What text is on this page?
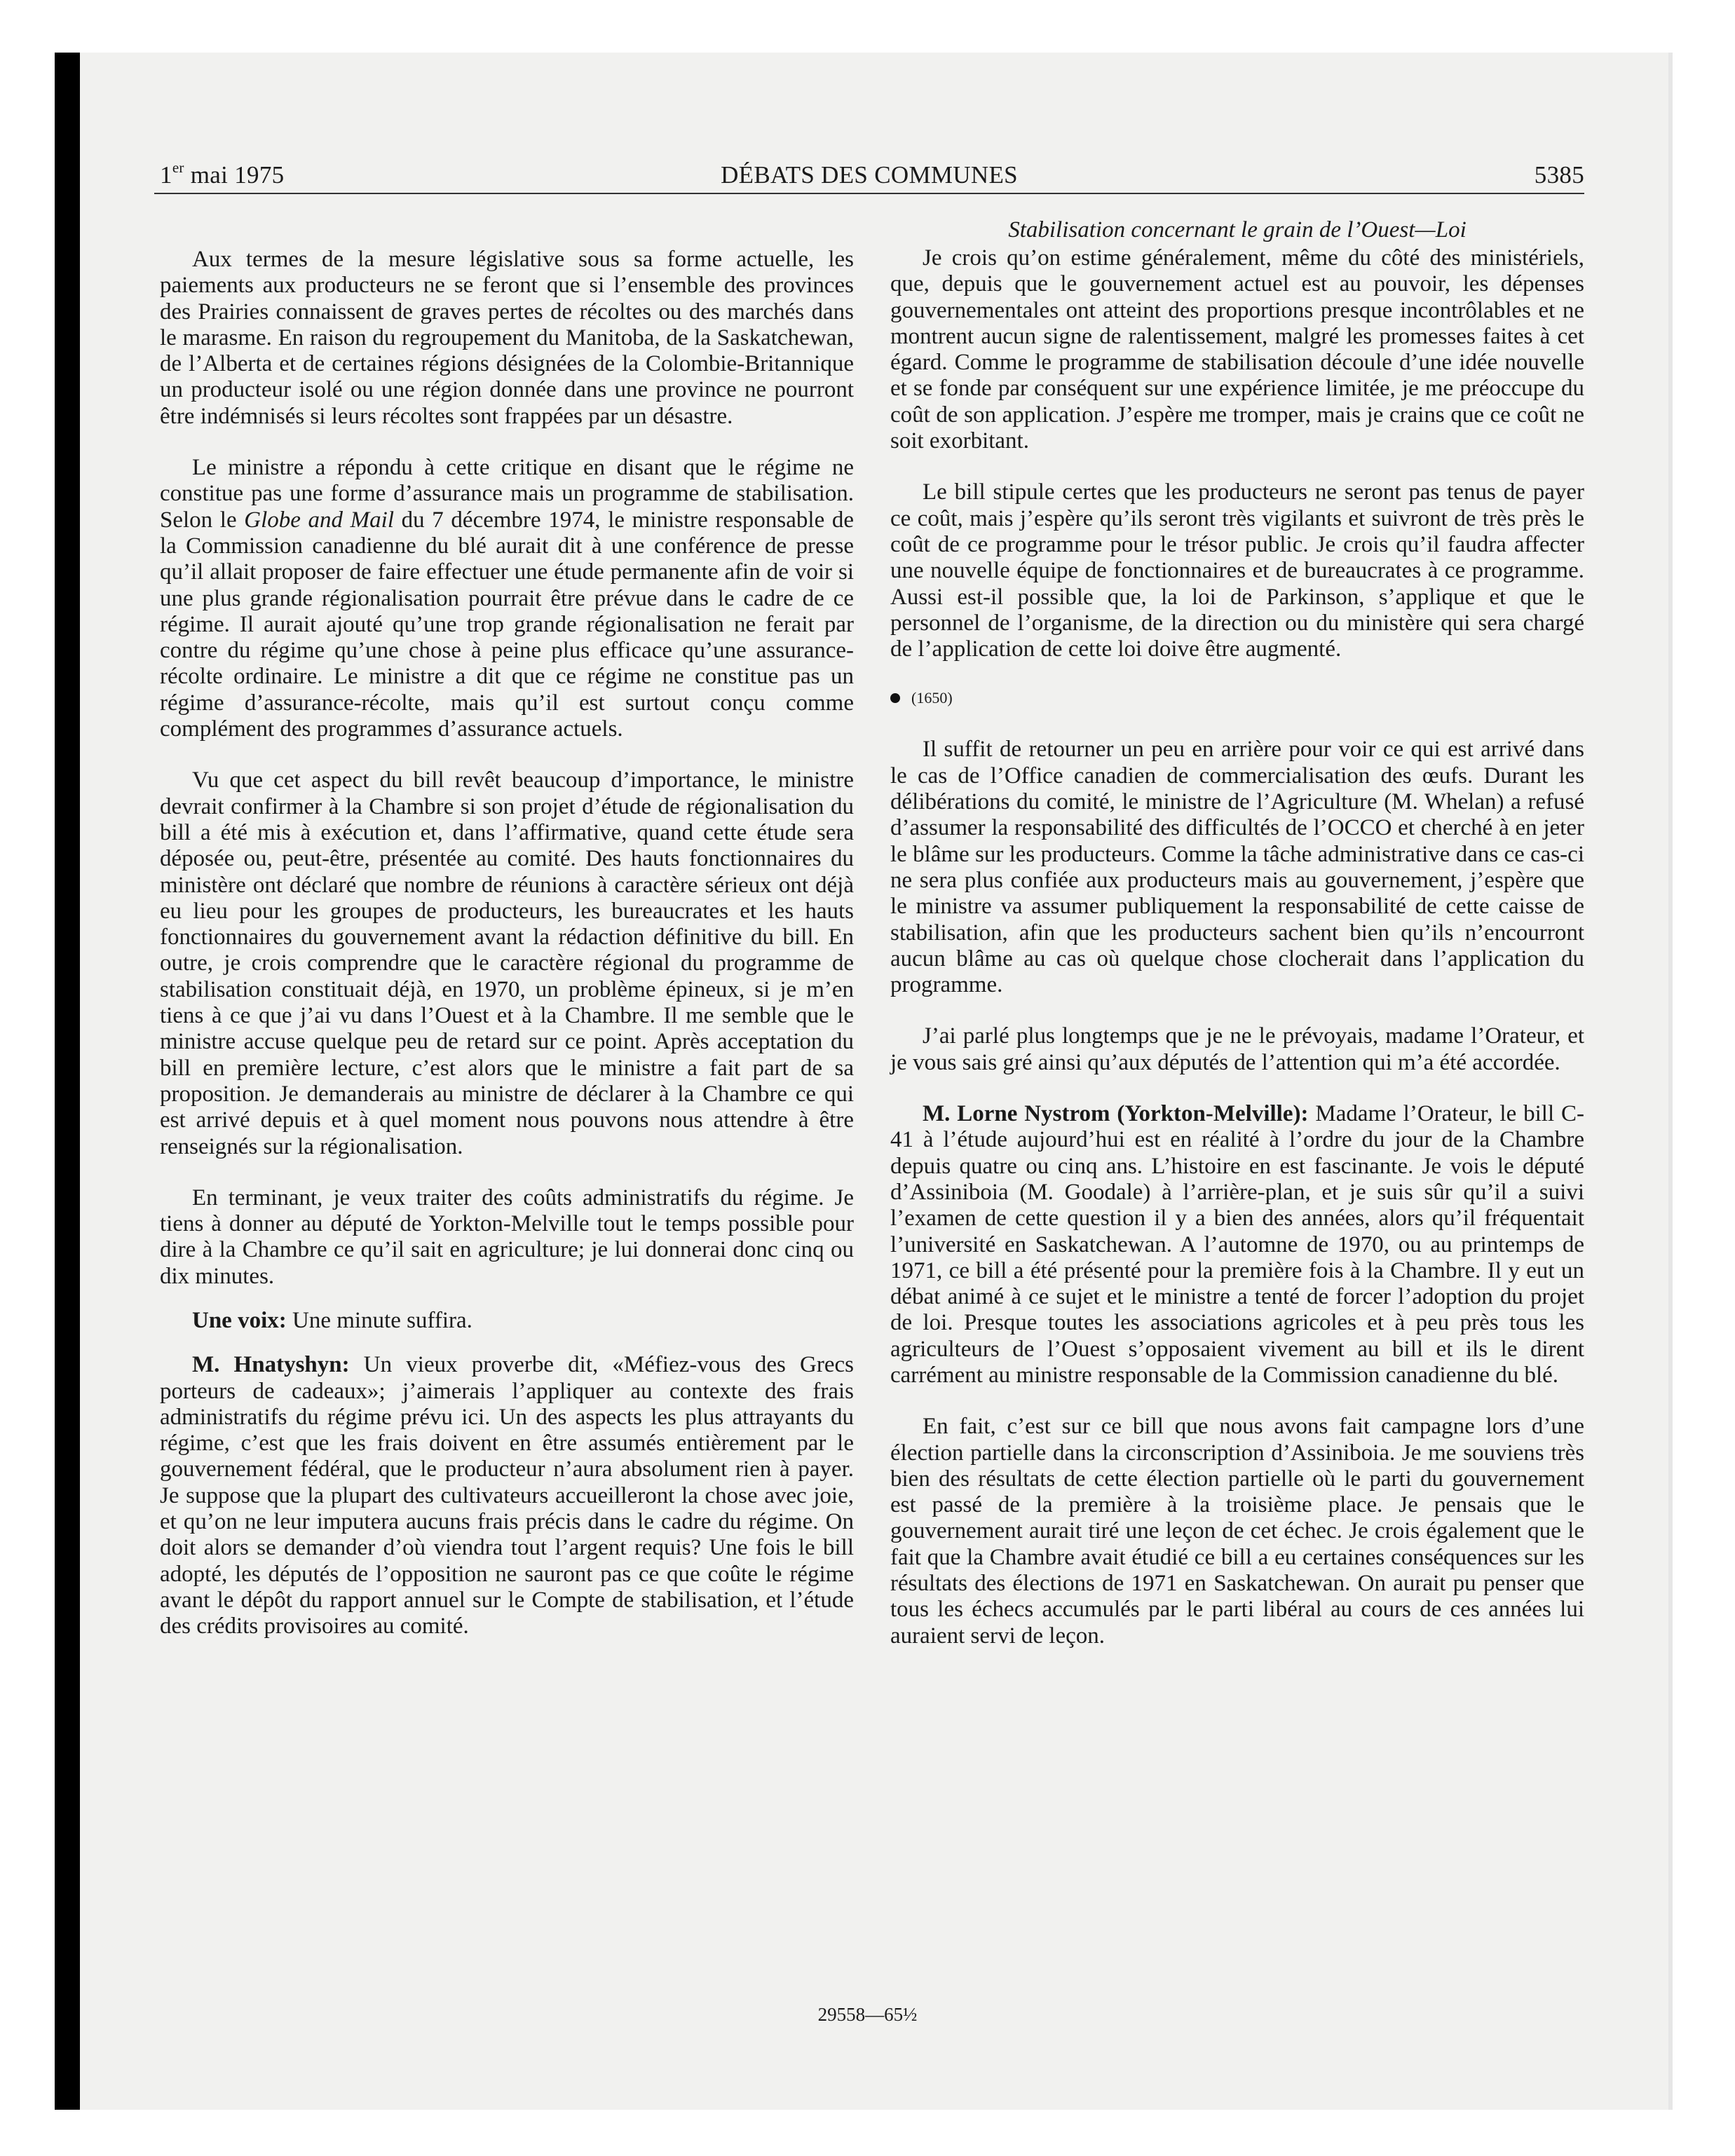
1er mai 1975	DÉBATS DES COMMUNES	5385
Stabilisation concernant le grain de l’Ouest—Loi

Aux termes de la mesure législative sous sa forme actuelle, les paiements aux producteurs ne se feront que si l’ensemble des provinces des Prairies connaissent de graves pertes de récoltes ou des marchés dans le marasme. En raison du regroupement du Manitoba, de la Saskatchewan, de l’Alberta et de certaines régions désignées de la Colombie-Britannique un producteur isolé ou une région donnée dans une province ne pourront être indémnisés si leurs récoltes sont frappées par un désastre.

Le ministre a répondu à cette critique en disant que le régime ne constitue pas une forme d’assurance mais un programme de stabilisation. Selon le Globe and Mail du 7 décembre 1974, le ministre responsable de la Commission canadienne du blé aurait dit à une conférence de presse qu’il allait proposer de faire effectuer une étude permanente afin de voir si une plus grande régionalisation pourrait être prévue dans le cadre de ce régime. Il aurait ajouté qu’une trop grande régionalisation ne ferait par contre du régime qu’une chose à peine plus efficace qu’une assurance-récolte ordinaire. Le ministre a dit que ce régime ne constitue pas un régime d’assurance-récolte, mais qu’il est surtout conçu comme complément des programmes d’assurance actuels.

Vu que cet aspect du bill revêt beaucoup d’importance, le ministre devrait confirmer à la Chambre si son projet d’étude de régionalisation du bill a été mis à exécution et, dans l’affirmative, quand cette étude sera déposée ou, peut-être, présentée au comité. Des hauts fonctionnaires du ministère ont déclaré que nombre de réunions à caractère sérieux ont déjà eu lieu pour les groupes de producteurs, les bureaucrates et les hauts fonctionnaires du gouvernement avant la rédaction définitive du bill. En outre, je crois comprendre que le caractère régional du programme de stabilisation constituait déjà, en 1970, un problème épineux, si je m’en tiens à ce que j’ai vu dans l’Ouest et à la Chambre. Il me semble que le ministre accuse quelque peu de retard sur ce point. Après acceptation du bill en première lecture, c’est alors que le ministre a fait part de sa proposition. Je demanderais au ministre de déclarer à la Chambre ce qui est arrivé depuis et à quel moment nous pouvons nous attendre à être renseignés sur la régionalisation.

En terminant, je veux traiter des coûts administratifs du régime. Je tiens à donner au député de Yorkton-Melville tout le temps possible pour dire à la Chambre ce qu’il sait en agriculture; je lui donnerai donc cinq ou dix minutes.

Une voix: Une minute suffira.

M. Hnatyshyn: Un vieux proverbe dit, «Méfiez-vous des Grecs porteurs de cadeaux»; j’aimerais l’appliquer au contexte des frais administratifs du régime prévu ici. Un des aspects les plus attrayants du régime, c’est que les frais doivent en être assumés entièrement par le gouvernement fédéral, que le producteur n’aura absolument rien à payer. Je suppose que la plupart des cultivateurs accueilleront la chose avec joie, et qu’on ne leur imputera aucuns frais précis dans le cadre du régime. On doit alors se demander d’où viendra tout l’argent requis? Une fois le bill adopté, les députés de l’opposition ne sauront pas ce que coûte le régime avant le dépôt du rapport annuel sur le Compte de stabilisation, et l’étude des crédits provisoires au comité.

Je crois qu’on estime généralement, même du côté des ministériels, que, depuis que le gouvernement actuel est au pouvoir, les dépenses gouvernementales ont atteint des proportions presque incontrôlables et ne montrent aucun signe de ralentissement, malgré les promesses faites à cet égard. Comme le programme de stabilisation découle d’une idée nouvelle et se fonde par conséquent sur une expérience limitée, je me préoccupe du coût de son application. J’espère me tromper, mais je crains que ce coût ne soit exorbitant.

Le bill stipule certes que les producteurs ne seront pas tenus de payer ce coût, mais j’espère qu’ils seront très vigilants et suivront de très près le coût de ce programme pour le trésor public. Je crois qu’il faudra affecter une nouvelle équipe de fonctionnaires et de bureaucrates à ce programme. Aussi est-il possible que, la loi de Parkinson, s’applique et que le personnel de l’organisme, de la direction ou du ministère qui sera chargé de l’application de cette loi doive être augmenté.

(1650)

Il suffit de retourner un peu en arrière pour voir ce qui est arrivé dans le cas de l’Office canadien de commercialisation des œufs. Durant les délibérations du comité, le ministre de l’Agriculture (M. Whelan) a refusé d’assumer la responsabilité des difficultés de l’OCCO et cherché à en jeter le blâme sur les producteurs. Comme la tâche administrative dans ce cas-ci ne sera plus confiée aux producteurs mais au gouvernement, j’espère que le ministre va assumer publiquement la responsabilité de cette caisse de stabilisation, afin que les producteurs sachent bien qu’ils n’encourront aucun blâme au cas où quelque chose clocherait dans l’application du programme.

J’ai parlé plus longtemps que je ne le prévoyais, madame l’Orateur, et je vous sais gré ainsi qu’aux députés de l’attention qui m’a été accordée.

M. Lorne Nystrom (Yorkton-Melville): Madame l’Orateur, le bill C-41 à l’étude aujourd’hui est en réalité à l’ordre du jour de la Chambre depuis quatre ou cinq ans. L’histoire en est fascinante. Je vois le député d’Assiniboia (M. Goodale) à l’arrière-plan, et je suis sûr qu’il a suivi l’examen de cette question il y a bien des années, alors qu’il fréquentait l’université en Saskatchewan. A l’automne de 1970, ou au printemps de 1971, ce bill a été présenté pour la première fois à la Chambre. Il y eut un débat animé à ce sujet et le ministre a tenté de forcer l’adoption du projet de loi. Presque toutes les associations agricoles et à peu près tous les agriculteurs de l’Ouest s’opposaient vivement au bill et ils le dirent carrément au ministre responsable de la Commission canadienne du blé.

En fait, c’est sur ce bill que nous avons fait campagne lors d’une élection partielle dans la circonscription d’Assiniboia. Je me souviens très bien des résultats de cette élection partielle où le parti du gouvernement est passé de la première à la troisième place. Je pensais que le gouvernement aurait tiré une leçon de cet échec. Je crois également que le fait que la Chambre avait étudié ce bill a eu certaines conséquences sur les résultats des élections de 1971 en Saskatchewan. On aurait pu penser que tous les échecs accumulés par le parti libéral au cours de ces années lui auraient servi de leçon.

29558—65½
